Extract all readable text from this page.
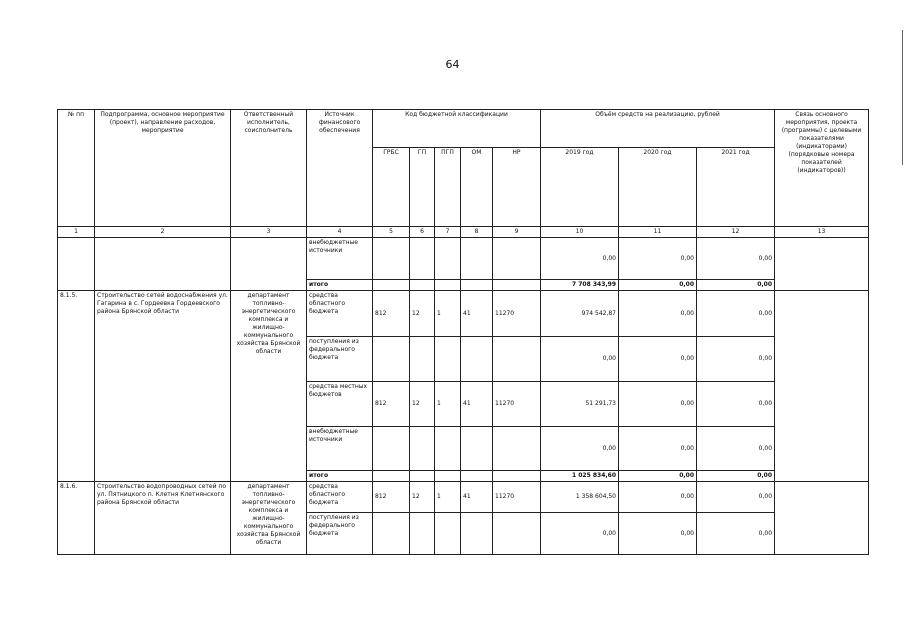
64
№ пп	Подпрограмма, основное мероприятие (проект), направление расходов, мероприятие	Ответственный исполнитель, соисполнитель	Источник финансового обеспечения	Код бюджетной классификации					Объём средств на реализацию, рублей			Связь основного мероприятия, проекта (программы) с целевыми показателями (индикаторами) (порядковые номера показателей (индикаторов))
				ГРБС	ГП	ПГП	ОМ	НР	2019 год	2020 год	2021 год	
1	2	3	4	5	6	7	8	9	10	11	12	13
			внебюджетные источники						0,00	0,00	0,00	
			итого						7 708 343,99	0,00	0,00	
8.1.5.	Строительство сетей водоснабжения ул. Гагарина в с. Гордеевка Гордеевского района Брянской области	департамент топливно-энергетического комплекса и жилищно-коммунального хозяйства Брянской области	средства областного бюджета	812	12	1	41	11270	974 542,87	0,00	0,00	
			поступления из федерального бюджета						0,00	0,00	0,00	
			средства местных бюджетов	812	12	1	41	11270	51 291,73	0,00	0,00	
			внебюджетные источники						0,00	0,00	0,00	
			итого						1 025 834,60	0,00	0,00	
8.1.6.	Строительство водопроводных сетей по ул. Пятницкого п. Клетня Клетнянского района Брянской области	департамент топливно-энергетического комплекса и жилищно-коммунального хозяйства Брянской области	средства областного бюджета	812	12	1	41	11270	1 358 604,50	0,00	0,00	
			поступления из федерального бюджета						0,00	0,00	0,00	
